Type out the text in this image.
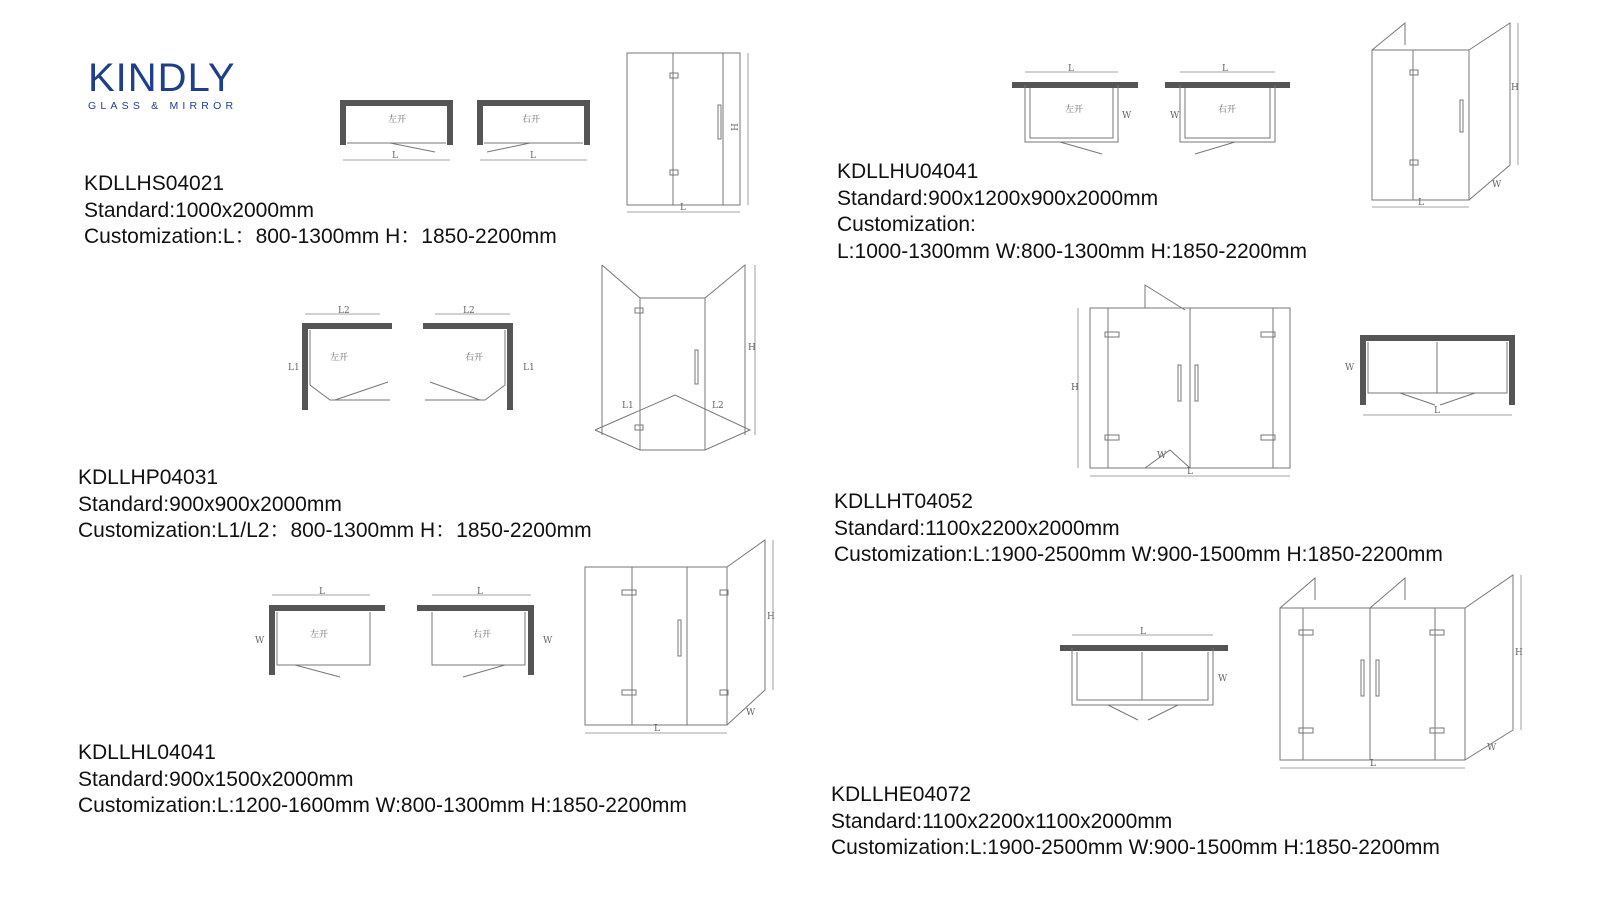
KINDLY
GLASS & MIRROR
KDLLHS04021
Standard:1000x2000mm
Customization:L：800-1300mm H：1850-2200mm
左开
L
右开
L
H
L
KDLLHU04041
Standard:900x1200x900x2000mm
Customization:
L:1000-1300mm W:800-1300mm H:1850-2200mm
左开
L
W
右开
L
W
H
L
W
KDLLHP04031
Standard:900x900x2000mm
Customization:L1/L2：800-1300mm H：1850-2200mm
左开
L2
L1
右开
L2
L1
H
L1	L2
KDLLHT04052
Standard:1100x2200x2000mm
Customization:L:1900-2500mm W:900-1500mm H:1850-2200mm
H
L
W
L
W
KDLLHL04041
Standard:900x1500x2000mm
Customization:L:1200-1600mm W:800-1300mm H:1850-2200mm
左开
L
W
右开
L
W
H
L
W
KDLLHE04072
Standard:1100x2200x1100x2000mm
Customization:L:1900-2500mm W:900-1500mm H:1850-2200mm
L
W
H
L
W
